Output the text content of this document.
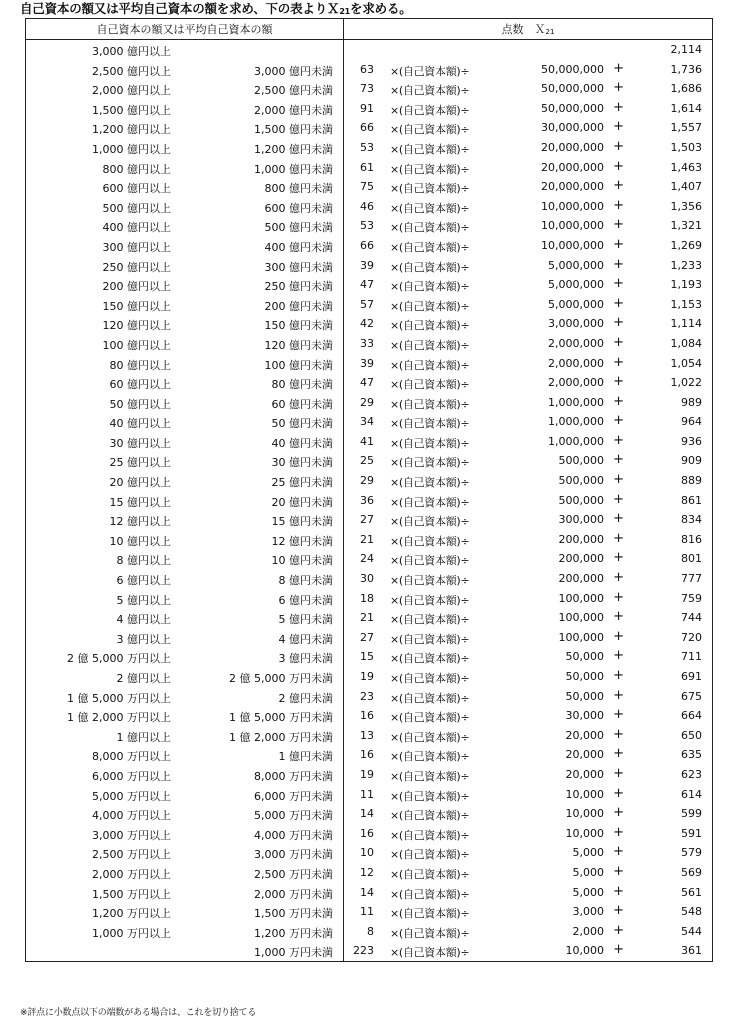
自己資本の額又は平均自己資本の額を求め、下の表よりＸ$_{21}$を求める。
自己資本の額又は平均自己資本の額	点数　Ｘ$_{21}$

3,000 億円以上	2,114

2,500 億円以上 3,000 億円未満	63 ×(自己資本額)÷ 50,000,000 + 1,736

2,000 億円以上 2,500 億円未満	73 ×(自己資本額)÷ 50,000,000 + 1,686

1,500 億円以上 2,000 億円未満	91 ×(自己資本額)÷ 50,000,000 + 1,614

1,200 億円以上 1,500 億円未満	66 ×(自己資本額)÷ 30,000,000 + 1,557

1,000 億円以上 1,200 億円未満	53 ×(自己資本額)÷ 20,000,000 + 1,503

800 億円以上 1,000 億円未満	61 ×(自己資本額)÷ 20,000,000 + 1,463

600 億円以上 800 億円未満	75 ×(自己資本額)÷ 20,000,000 + 1,407

500 億円以上 600 億円未満	46 ×(自己資本額)÷ 10,000,000 + 1,356

400 億円以上 500 億円未満	53 ×(自己資本額)÷ 10,000,000 + 1,321

300 億円以上 400 億円未満	66 ×(自己資本額)÷ 10,000,000 + 1,269

250 億円以上 300 億円未満	39 ×(自己資本額)÷ 5,000,000 + 1,233

200 億円以上 250 億円未満	47 ×(自己資本額)÷ 5,000,000 + 1,193

150 億円以上 200 億円未満	57 ×(自己資本額)÷ 5,000,000 + 1,153

120 億円以上 150 億円未満	42 ×(自己資本額)÷ 3,000,000 + 1,114

100 億円以上 120 億円未満	33 ×(自己資本額)÷ 2,000,000 + 1,084

80 億円以上 100 億円未満	39 ×(自己資本額)÷ 2,000,000 + 1,054

60 億円以上 80 億円未満	47 ×(自己資本額)÷ 2,000,000 + 1,022

50 億円以上 60 億円未満	29 ×(自己資本額)÷ 1,000,000 + 989

40 億円以上 50 億円未満	34 ×(自己資本額)÷ 1,000,000 + 964

30 億円以上 40 億円未満	41 ×(自己資本額)÷ 1,000,000 + 936

25 億円以上 30 億円未満	25 ×(自己資本額)÷ 500,000 + 909

20 億円以上 25 億円未満	29 ×(自己資本額)÷ 500,000 + 889

15 億円以上 20 億円未満	36 ×(自己資本額)÷ 500,000 + 861

12 億円以上 15 億円未満	27 ×(自己資本額)÷ 300,000 + 834

10 億円以上 12 億円未満	21 ×(自己資本額)÷ 200,000 + 816

8 億円以上 10 億円未満	24 ×(自己資本額)÷ 200,000 + 801

6 億円以上 8 億円未満	30 ×(自己資本額)÷ 200,000 + 777

5 億円以上 6 億円未満	18 ×(自己資本額)÷ 100,000 + 759

4 億円以上 5 億円未満	21 ×(自己資本額)÷ 100,000 + 744

3 億円以上 4 億円未満	27 ×(自己資本額)÷ 100,000 + 720

2 億 5,000 万円以上 3 億円未満	15 ×(自己資本額)÷ 50,000 + 711

2 億円以上 2 億 5,000 万円未満	19 ×(自己資本額)÷ 50,000 + 691

1 億 5,000 万円以上 2 億円未満	23 ×(自己資本額)÷ 50,000 + 675

1 億 2,000 万円以上 1 億 5,000 万円未満	16 ×(自己資本額)÷ 30,000 + 664

1 億円以上 1 億 2,000 万円未満	13 ×(自己資本額)÷ 20,000 + 650

8,000 万円以上 1 億円未満	16 ×(自己資本額)÷ 20,000 + 635

6,000 万円以上 8,000 万円未満	19 ×(自己資本額)÷ 20,000 + 623

5,000 万円以上 6,000 万円未満	11 ×(自己資本額)÷ 10,000 + 614

4,000 万円以上 5,000 万円未満	14 ×(自己資本額)÷ 10,000 + 599

3,000 万円以上 4,000 万円未満	16 ×(自己資本額)÷ 10,000 + 591

2,500 万円以上 3,000 万円未満	10 ×(自己資本額)÷ 5,000 + 579

2,000 万円以上 2,500 万円未満	12 ×(自己資本額)÷ 5,000 + 569

1,500 万円以上 2,000 万円未満	14 ×(自己資本額)÷ 5,000 + 561

1,200 万円以上 1,500 万円未満	11 ×(自己資本額)÷ 3,000 + 548

1,000 万円以上 1,200 万円未満	8 ×(自己資本額)÷ 2,000 + 544

1,000 万円未満	223 ×(自己資本額)÷ 10,000 + 361
※評点に小数点以下の端数がある場合は、これを切り捨てる
